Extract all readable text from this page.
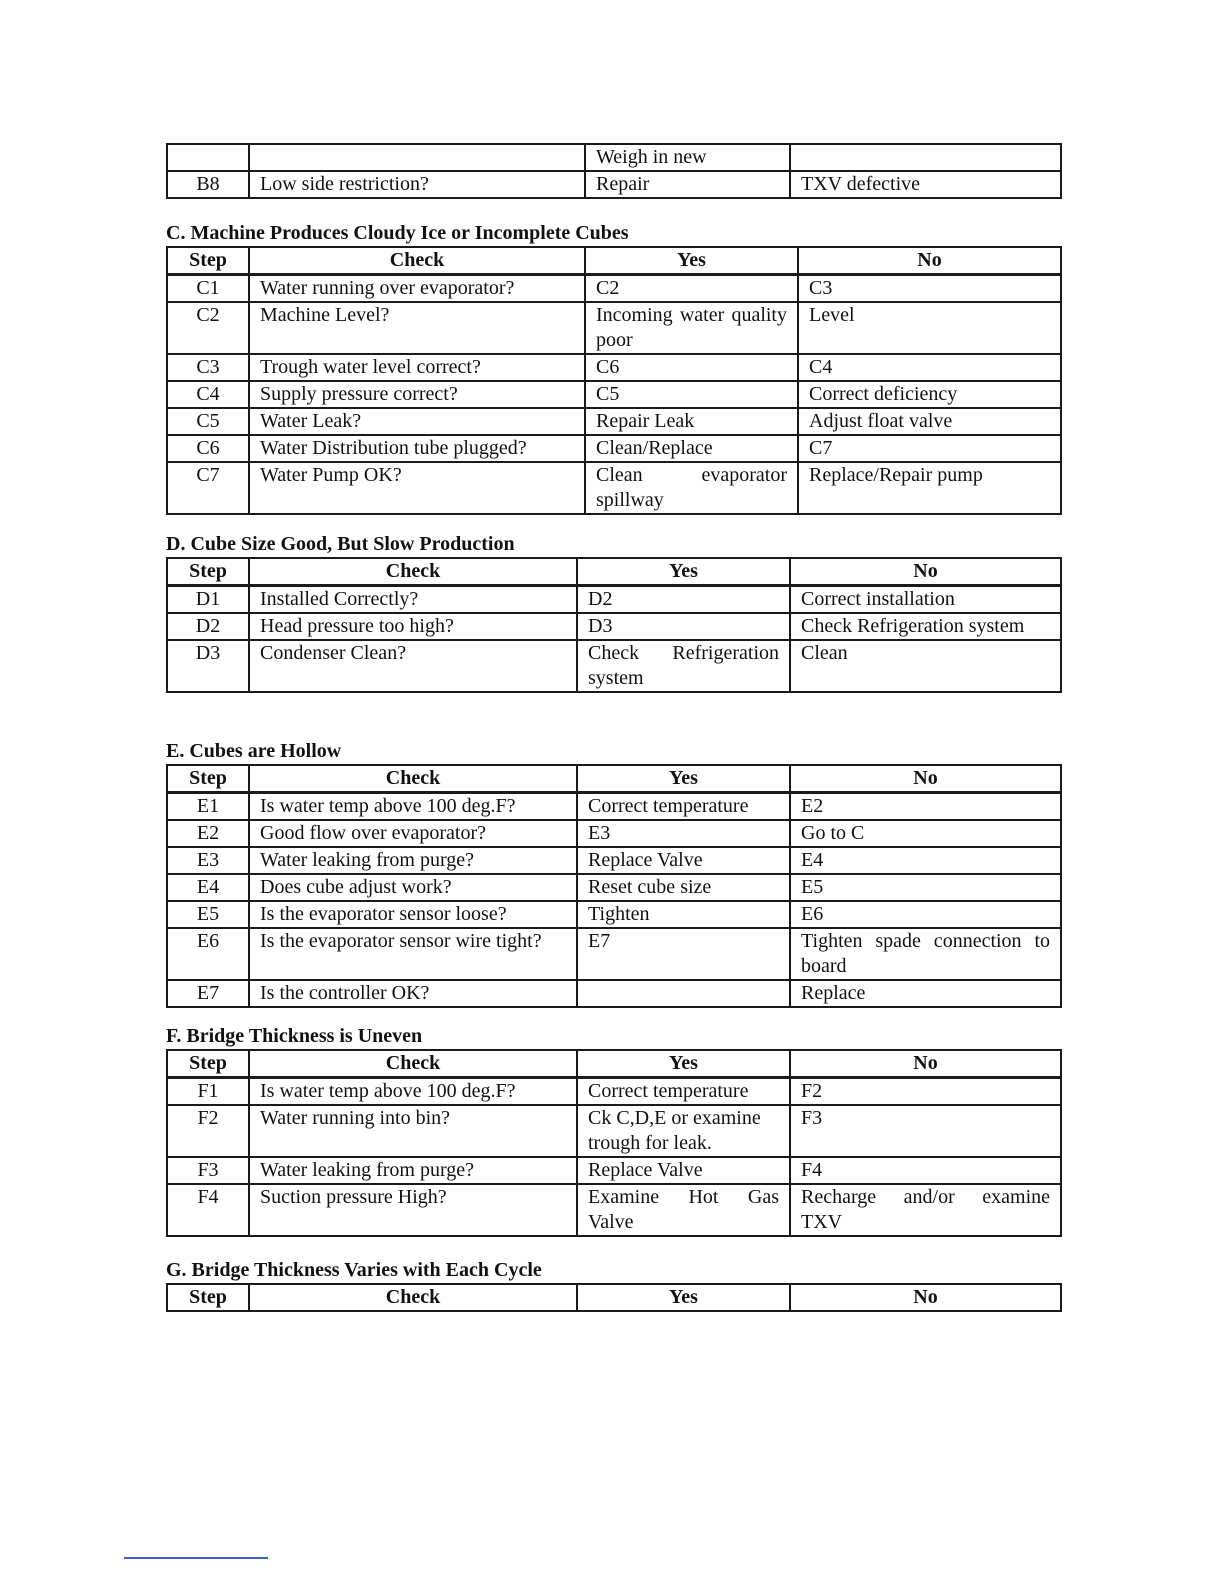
		Weigh in new	
B8	Low side restriction?	Repair	TXV defective
C. Machine Produces Cloudy Ice or Incomplete Cubes
Step	Check	Yes	No
C1	Water running over evaporator?	C2	C3
C2	Machine Level?	Incoming water quality poor	Level
C3	Trough water level correct?	C6	C4
C4	Supply pressure correct?	C5	Correct deficiency
C5	Water Leak?	Repair Leak	Adjust float valve
C6	Water Distribution tube plugged?	Clean/Replace	C7
C7	Water Pump OK?	Clean evaporator spillway	Replace/Repair pump
D. Cube Size Good, But Slow Production
Step	Check	Yes	No
D1	Installed Correctly?	D2	Correct installation
D2	Head pressure too high?	D3	Check Refrigeration system
D3	Condenser Clean?	Check Refrigeration system	Clean
E. Cubes are Hollow
Step	Check	Yes	No
E1	Is water temp above 100 deg.F?	Correct temperature	E2
E2	Good flow over evaporator?	E3	Go to C
E3	Water leaking from purge?	Replace Valve	E4
E4	Does cube adjust work?	Reset cube size	E5
E5	Is the evaporator sensor loose?	Tighten	E6
E6	Is the evaporator sensor wire tight?	E7	Tighten spade connection to board
E7	Is the controller OK?		Replace
F. Bridge Thickness is Uneven
Step	Check	Yes	No
F1	Is water temp above 100 deg.F?	Correct temperature	F2
F2	Water running into bin?	Ck C,D,E or examine trough for leak.	F3
F3	Water leaking from purge?	Replace Valve	F4
F4	Suction pressure High?	Examine Hot Gas Valve	Recharge and/or examine TXV
G. Bridge Thickness Varies with Each Cycle
Step	Check	Yes	No
